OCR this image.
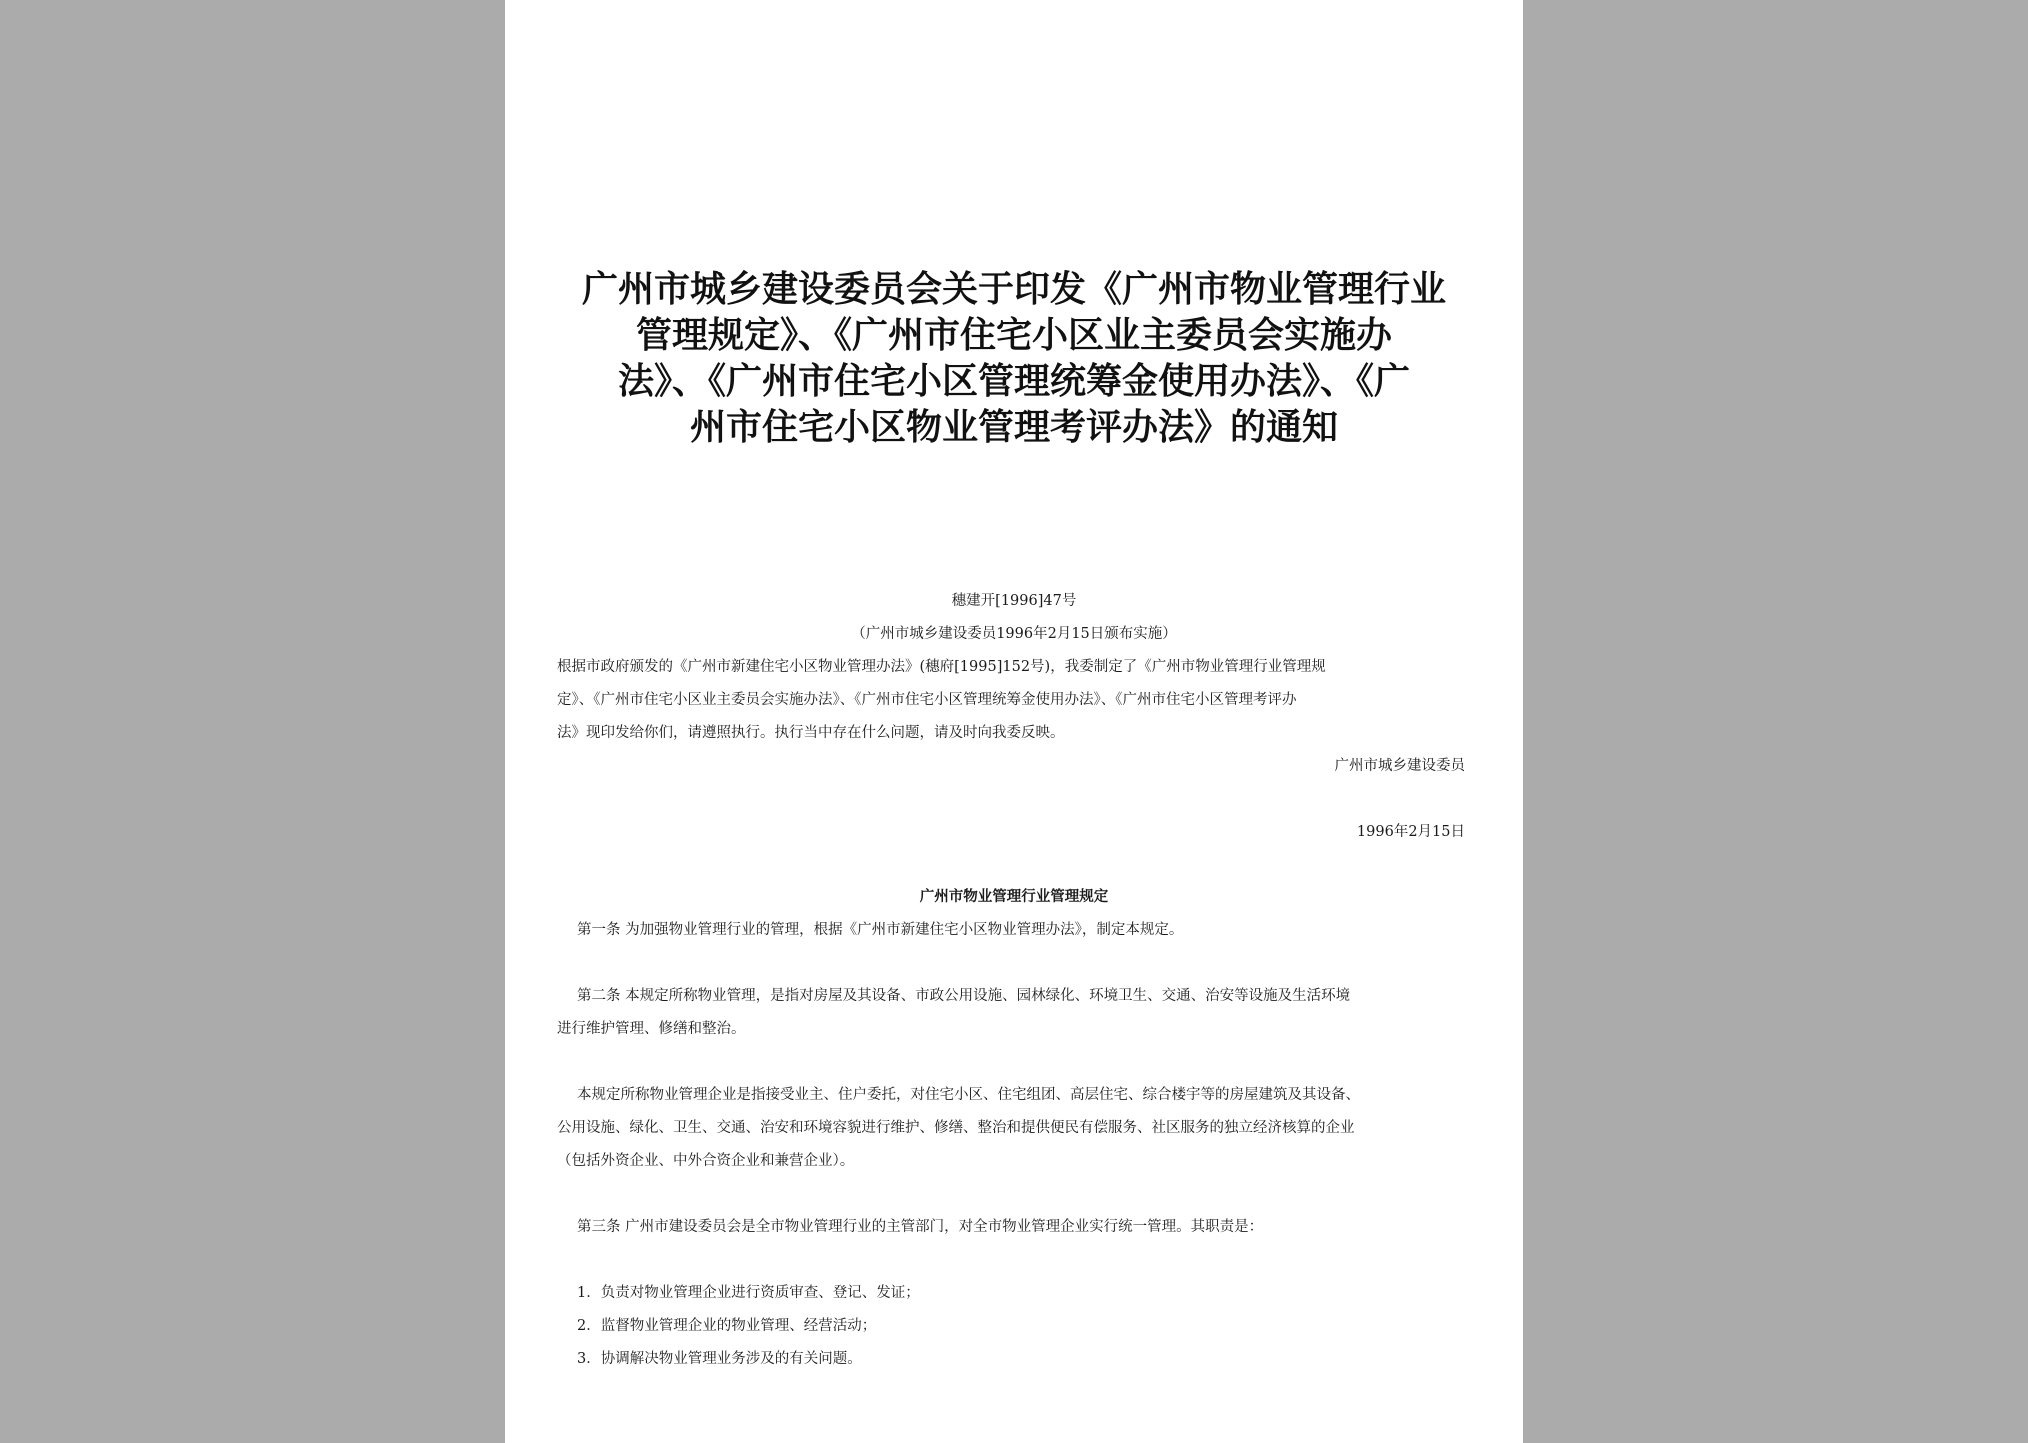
广州市城乡建设委员会关于印发《广州市物业管理行业
管理规定》、《广州市住宅小区业主委员会实施办
法》、《广州市住宅小区管理统筹金使用办法》、《广
州市住宅小区物业管理考评办法》的通知

穗建开[1996]47号

（广州市城乡建设委员1996年2月15日颁布实施）

根据市政府颁发的《广州市新建住宅小区物业管理办法》(穗府[1995]152号)，我委制定了《广州市物业管理行业管理规

定》、《广州市住宅小区业主委员会实施办法》、《广州市住宅小区管理统筹金使用办法》、《广州市住宅小区管理考评办

法》现印发给你们，请遵照执行。执行当中存在什么问题，请及时向我委反映。

广州市城乡建设委员

1996年2月15日

广州市物业管理行业管理规定

第一条 为加强物业管理行业的管理，根据《广州市新建住宅小区物业管理办法》，制定本规定。

第二条 本规定所称物业管理，是指对房屋及其设备、市政公用设施、园林绿化、环境卫生、交通、治安等设施及生活环境

进行维护管理、修缮和整治。

本规定所称物业管理企业是指接受业主、住户委托，对住宅小区、住宅组团、高层住宅、综合楼宇等的房屋建筑及其设备、

公用设施、绿化、卫生、交通、治安和环境容貌进行维护、修缮、整治和提供便民有偿服务、社区服务的独立经济核算的企业

（包括外资企业、中外合资企业和兼营企业）。

第三条 广州市建设委员会是全市物业管理行业的主管部门，对全市物业管理企业实行统一管理。其职责是：

1．负责对物业管理企业进行资质审查、登记、发证；

2．监督物业管理企业的物业管理、经营活动；

3．协调解决物业管理业务涉及的有关问题。
